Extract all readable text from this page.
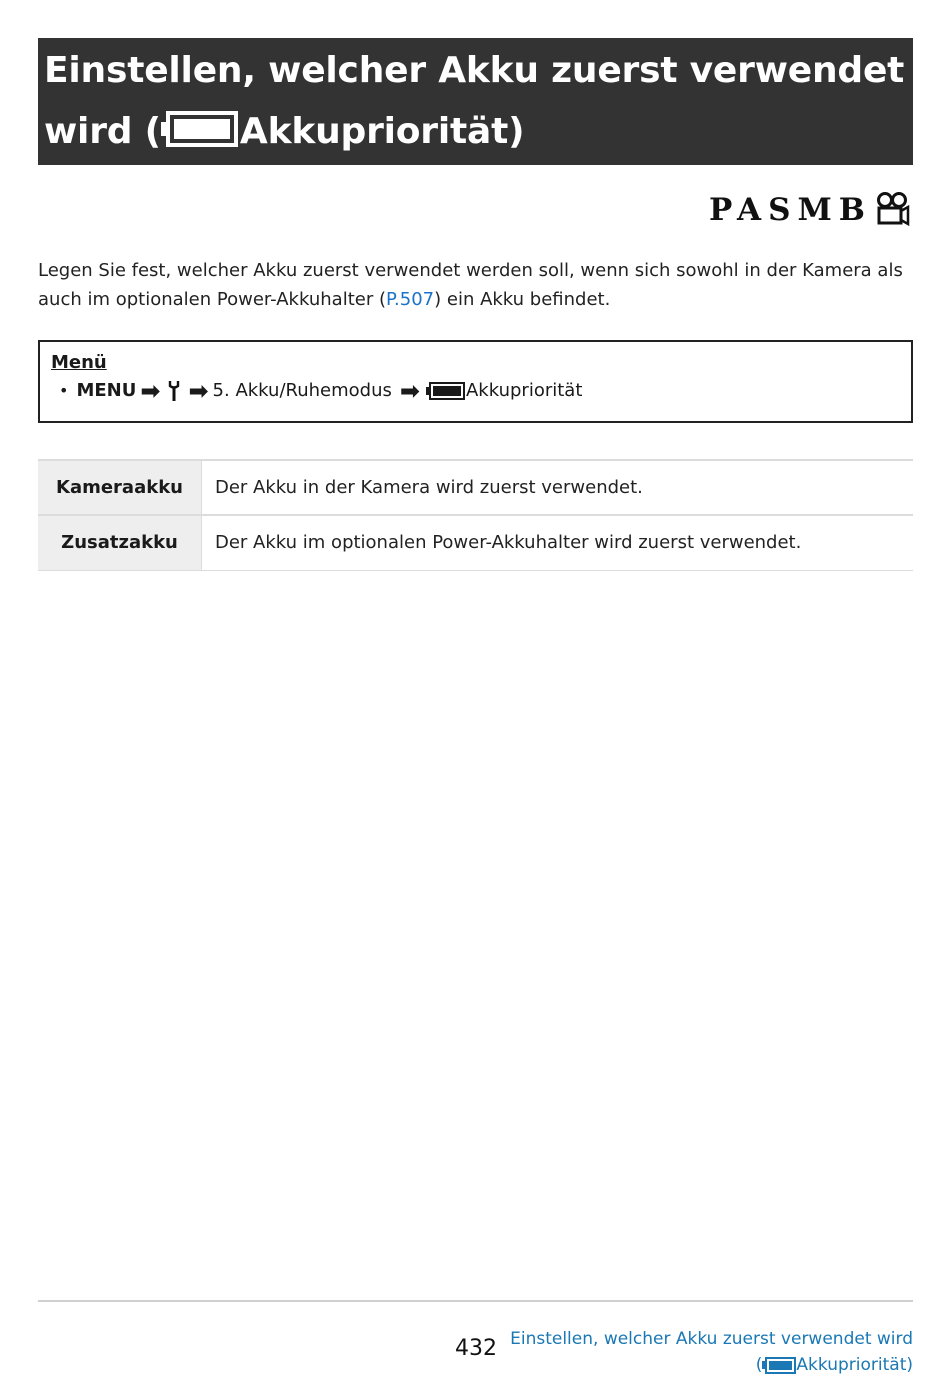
Einstellen, welcher Akku zuerst verwendet
wird ( Akkupriorität)
PASMB

Legen Sie fest, welcher Akku zuerst verwendet werden soll, wenn sich sowohl in der Kamera als auch im optionalen Power-Akkuhalter (P.507) ein Akku befindet.

Menü
• MENU ➡ ➡ 5. Akku/Ruhemodus ➡	Akkupriorität
Kameraakku	Der Akku in der Kamera wird zuerst verwendet.
Zusatzakku	Der Akku im optionalen Power-Akkuhalter wird zuerst verwendet.
432 Einstellen, welcher Akku zuerst verwendet wird
( Akkupriorität)
